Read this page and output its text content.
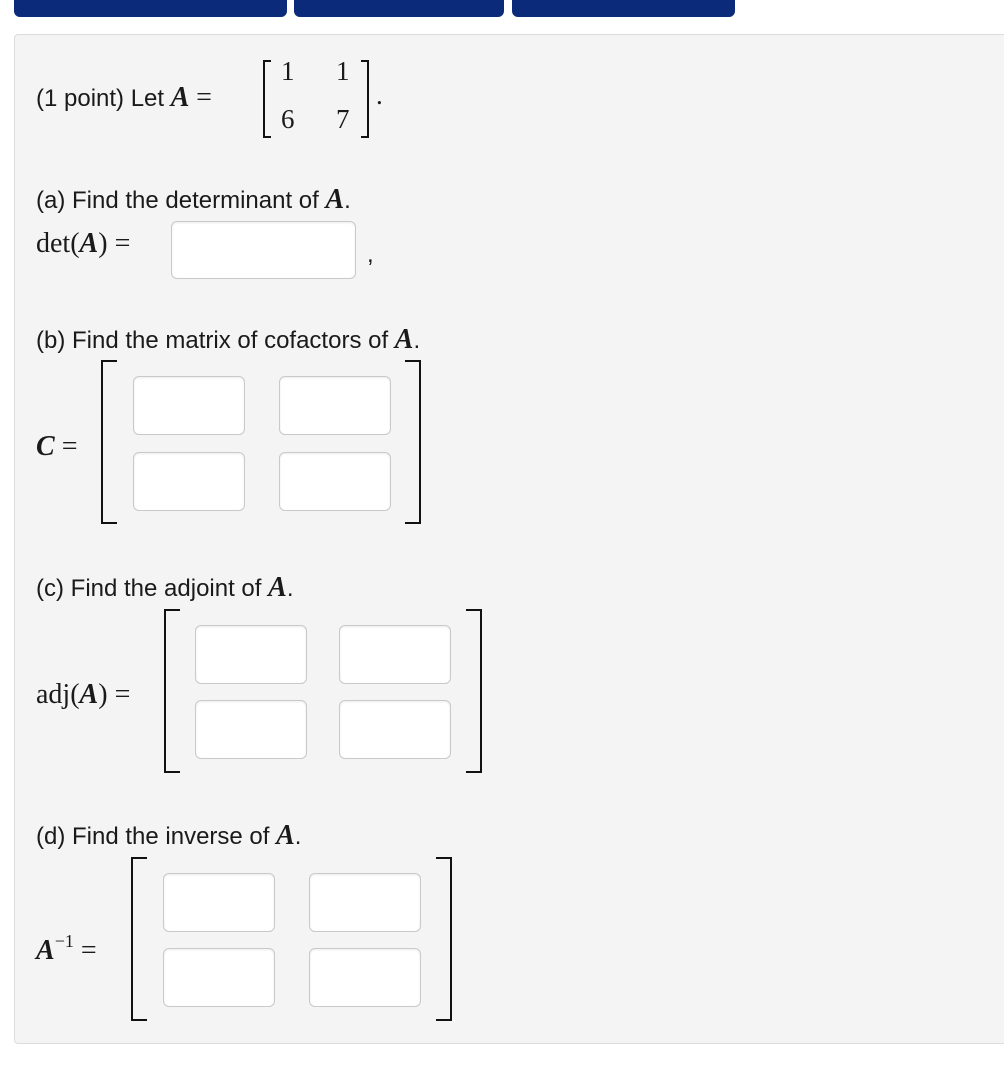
(1 point) Let A =
1 1
6 7
.
(a) Find the determinant of A.
det(A) =	,
(b) Find the matrix of cofactors of A.
C =
(c) Find the adjoint of A.
adj(A) =
(d) Find the inverse of A.
$A^{-1}$ =
